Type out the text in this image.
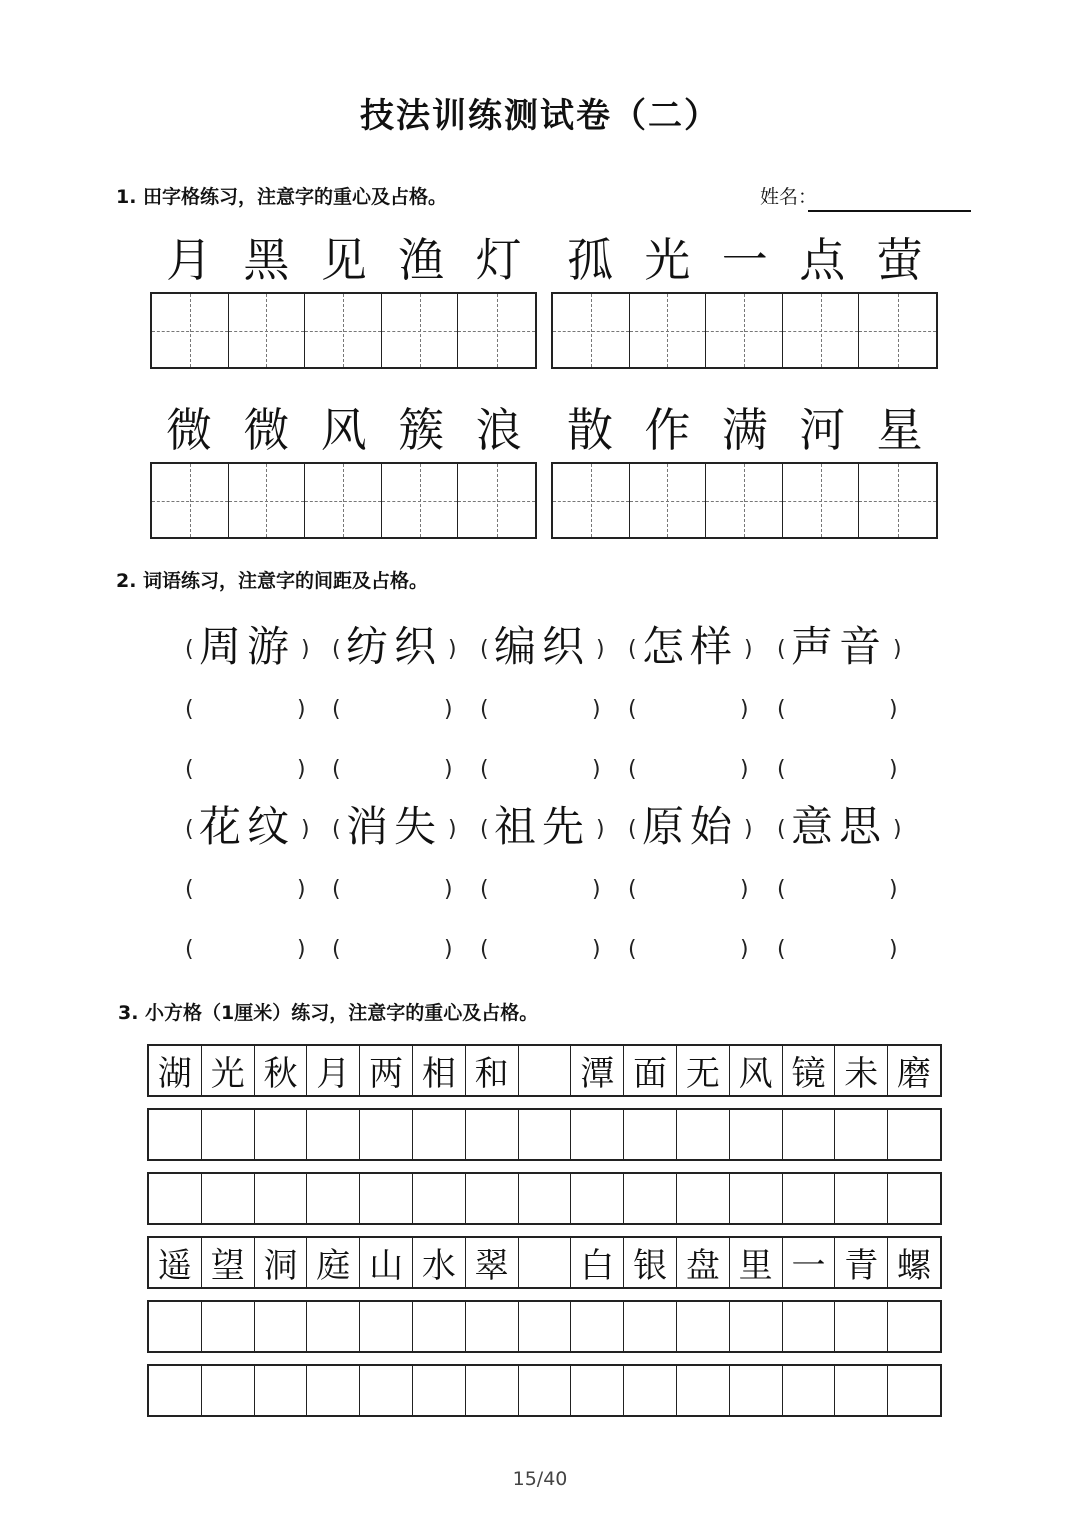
技法训练测试卷（二）
1. 田字格练习，注意字的重心及占格。	姓名：
月 黑 见 渔 灯 孤 光 一 点 萤
微 微 风 簇 浪 散 作 满 河 星
2. 词语练习，注意字的间距及占格。
( 周游 ) ( 纺织 ) ( 编织 ) ( 怎样 ) ( 声音 )
(	) (	) (	) (	) (	)
(	) (	) (	) (	) (	)
( 花纹 ) ( 消失 ) ( 祖先 ) ( 原始 ) ( 意思 )
(	) (	) (	) (	) (	)
(	) (	) (	) (	) (	)
3. 小方格（1厘米）练习，注意字的重心及占格。
湖 光 秋 月 两 相 和 潭 面 无 风 镜 未 磨
遥 望 洞 庭 山 水 翠 白 银 盘 里 一 青 螺
15/40
